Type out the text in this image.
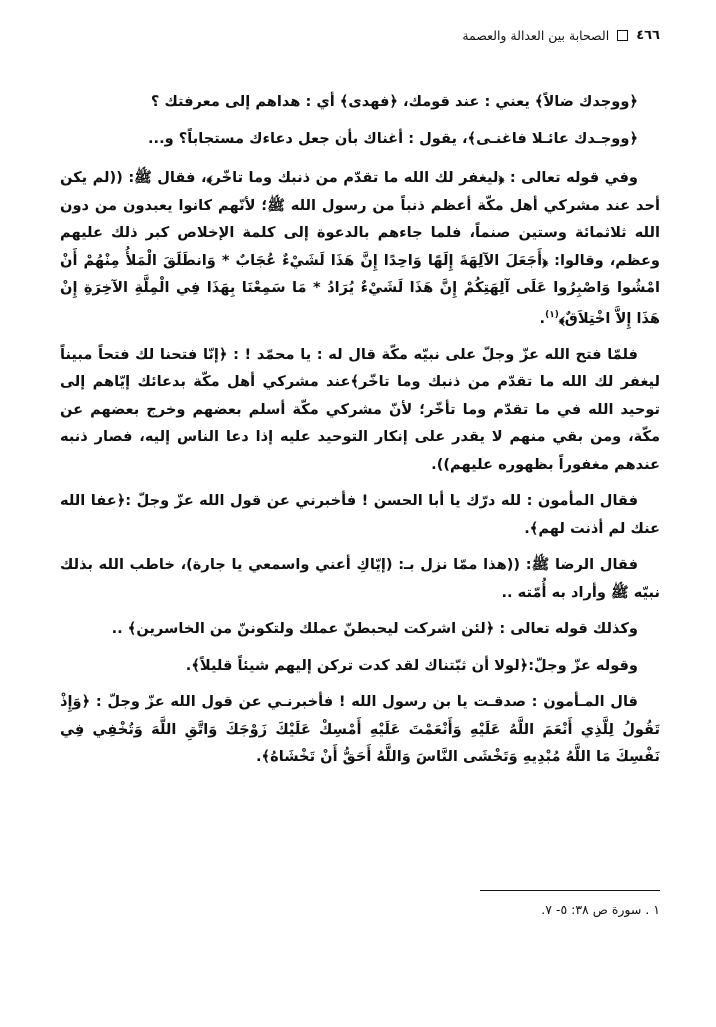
٤٦٦
الصحابة بين العدالة والعصمة

﴿ووجدك ضالاً﴾ يعني : عند قومك، ﴿فهدى﴾ أي : هداهم إلى معرفتك ؟

﴿ووجـدك عائـلا فاغنـى﴾، يقول : أغناك بأن جعل دعاءك مستجاباً؟ و...

وفي قوله تعالى : ﴿ليغفر لك الله ما تقدّم من ذنبك وما تاخّر﴾، فقال ﷺ: ((لم يكن أحد عند مشركي أهل مكّة أعظم ذنباً من رسول الله ﷺ؛ لأنّهم كانوا يعبدون من دون الله ثلاثمائة وستين صنماً، فلما جاءهم بالدعوة إلى كلمة الإخلاص كبر ذلك عليهم وعظم، وقالوا: ﴿أَجَعَلَ الآلِهَةَ إِلَهًا وَاحِدًا إِنَّ هَذَا لَشَيْءٌ عُجَابٌ * وَانطَلَقَ الْمَلأُ مِنْهُمْ أَنْ امْشُوا وَاصْبِرُوا عَلَى آلِهَتِكُمْ إِنَّ هَذَا لَشَيْءٌ يُرَادُ * مَا سَمِعْنَا بِهَذَا فِي الْمِلَّةِ الآخِرَةِ إِنْ هَذَا إِلاَّ اخْتِلاَقٌ﴾$^{(١)}$.

فلمّا فتح الله عزّ وجلّ على نبيّه مكّة قال له : يا محمّد ! : ﴿إنّا فتحنا لك فتحاً مبيناً ليغفر لك الله ما تقدّم من ذنبك وما تاخّر﴾عند مشركي أهل مكّة بدعائك إيّاهم إلى توحيد الله في ما تقدّم وما تأخّر؛ لأنّ مشركي مكّة أسلم بعضهم وخرج بعضهم عن مكّة، ومن بقي منهم لا يقدر على إنكار التوحيد عليه إذا دعا الناس إليه، فصار ذنبه عندهم مغفوراً بظهوره عليهم)).

فقال المأمون : لله درّك يا أبا الحسن ! فأخبرني عن قول الله عزّ وجلّ :﴿عفا الله عنك لم أذنت لهم﴾.

فقال الرضا ﷺ: ((هذا ممّا نزل بـ: (إيّاكِ أعني واسمعي يا جارة)، خاطب الله بذلك نبيّه ﷺ وأراد به أُمّته ..

وكذلك قوله تعالى : ﴿لئن اشركت ليحبطنّ عملك ولتكوننّ من الخاسرين﴾ ..

وقوله عزّ وجلّ:﴿لولا أن ثبّتناك لقد كدت تركن إليهم شيئاً قليلاً﴾.

قال المـأمون : صدقـت يا بن رسول الله ! فأخبرنـي عن قول الله عزّ وجلّ : ﴿وَإِذْ تَقُولُ لِلَّذِي أَنْعَمَ اللَّهُ عَلَيْهِ وَأَنْعَمْتَ عَلَيْهِ أَمْسِكْ عَلَيْكَ زَوْجَكَ وَاتَّقِ اللَّهَ وَتُخْفِي فِي نَفْسِكَ مَا اللَّهُ مُبْدِيهِ وَتَخْشَى النَّاسَ وَاللَّهُ أَحَقُّ أَنْ تَخْشَاهُ﴾.

١ . سورة ص ٣٨: ٥- ٧.
